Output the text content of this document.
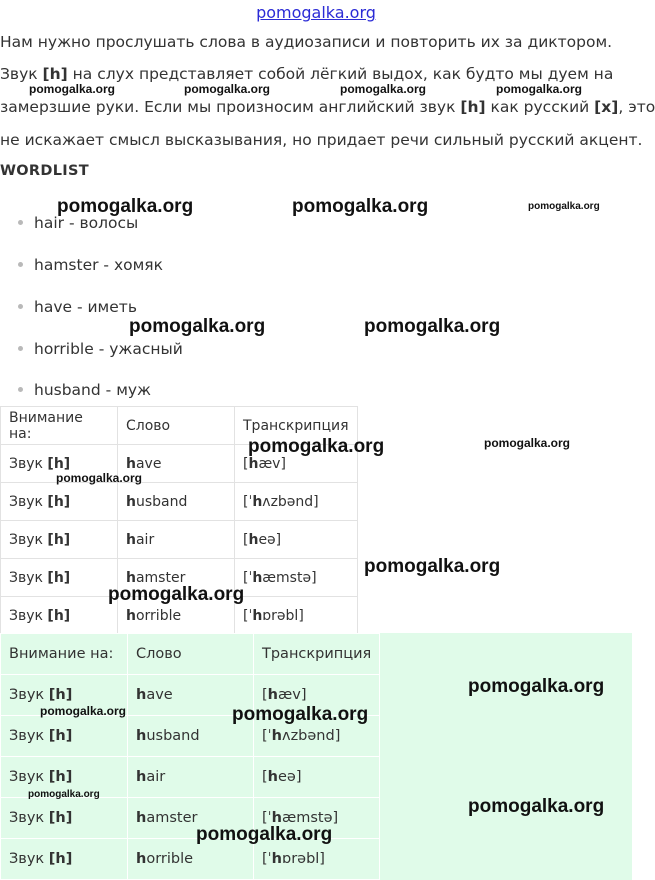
pomogalka.org
Нам нужно прослушать слова в аудиозаписи и повторить их за диктором.
Звук [h] на слух представляет собой лёгкий выдох, как будто мы дуем на
замерзшие руки. Если мы произносим английский звук [h] как русский [x], это
не искажает смысл высказывания, но придает речи сильный русский акцент.
WORDLIST
hair - волосы
hamster - хомяк
have - иметь
horrible - ужасный
husband - муж
Внимание на:	Слово	Транскрипция
Звук [h]	have	[hæv]
Звук [h]	husband	[ˈhʌzbənd]
Звук [h]	hair	[heə]
Звук [h]	hamster	[ˈhæmstə]
Звук [h]	horrible	[ˈhɒrəbl]
Внимание на:	Слово	Транскрипция
Звук [h]	have	[hæv]
Звук [h]	husband	[ˈhʌzbənd]
Звук [h]	hair	[heə]
Звук [h]	hamster	[ˈhæmstə]
Звук [h]	horrible	[ˈhɒrəbl]
pomogalka.org	pomogalka.org	pomogalka.org
pomogalka.org	pomogalka.org	pomogalka.org	pomogalka.org
pomogalka.org	pomogalka.org
pomogalka.org	pomogalka.org
pomogalka.org
pomogalka.org
pomogalka.org
pomogalka.org
pomogalka.org	pomogalka.org
pomogalka.org
pomogalka.org
pomogalka.org
